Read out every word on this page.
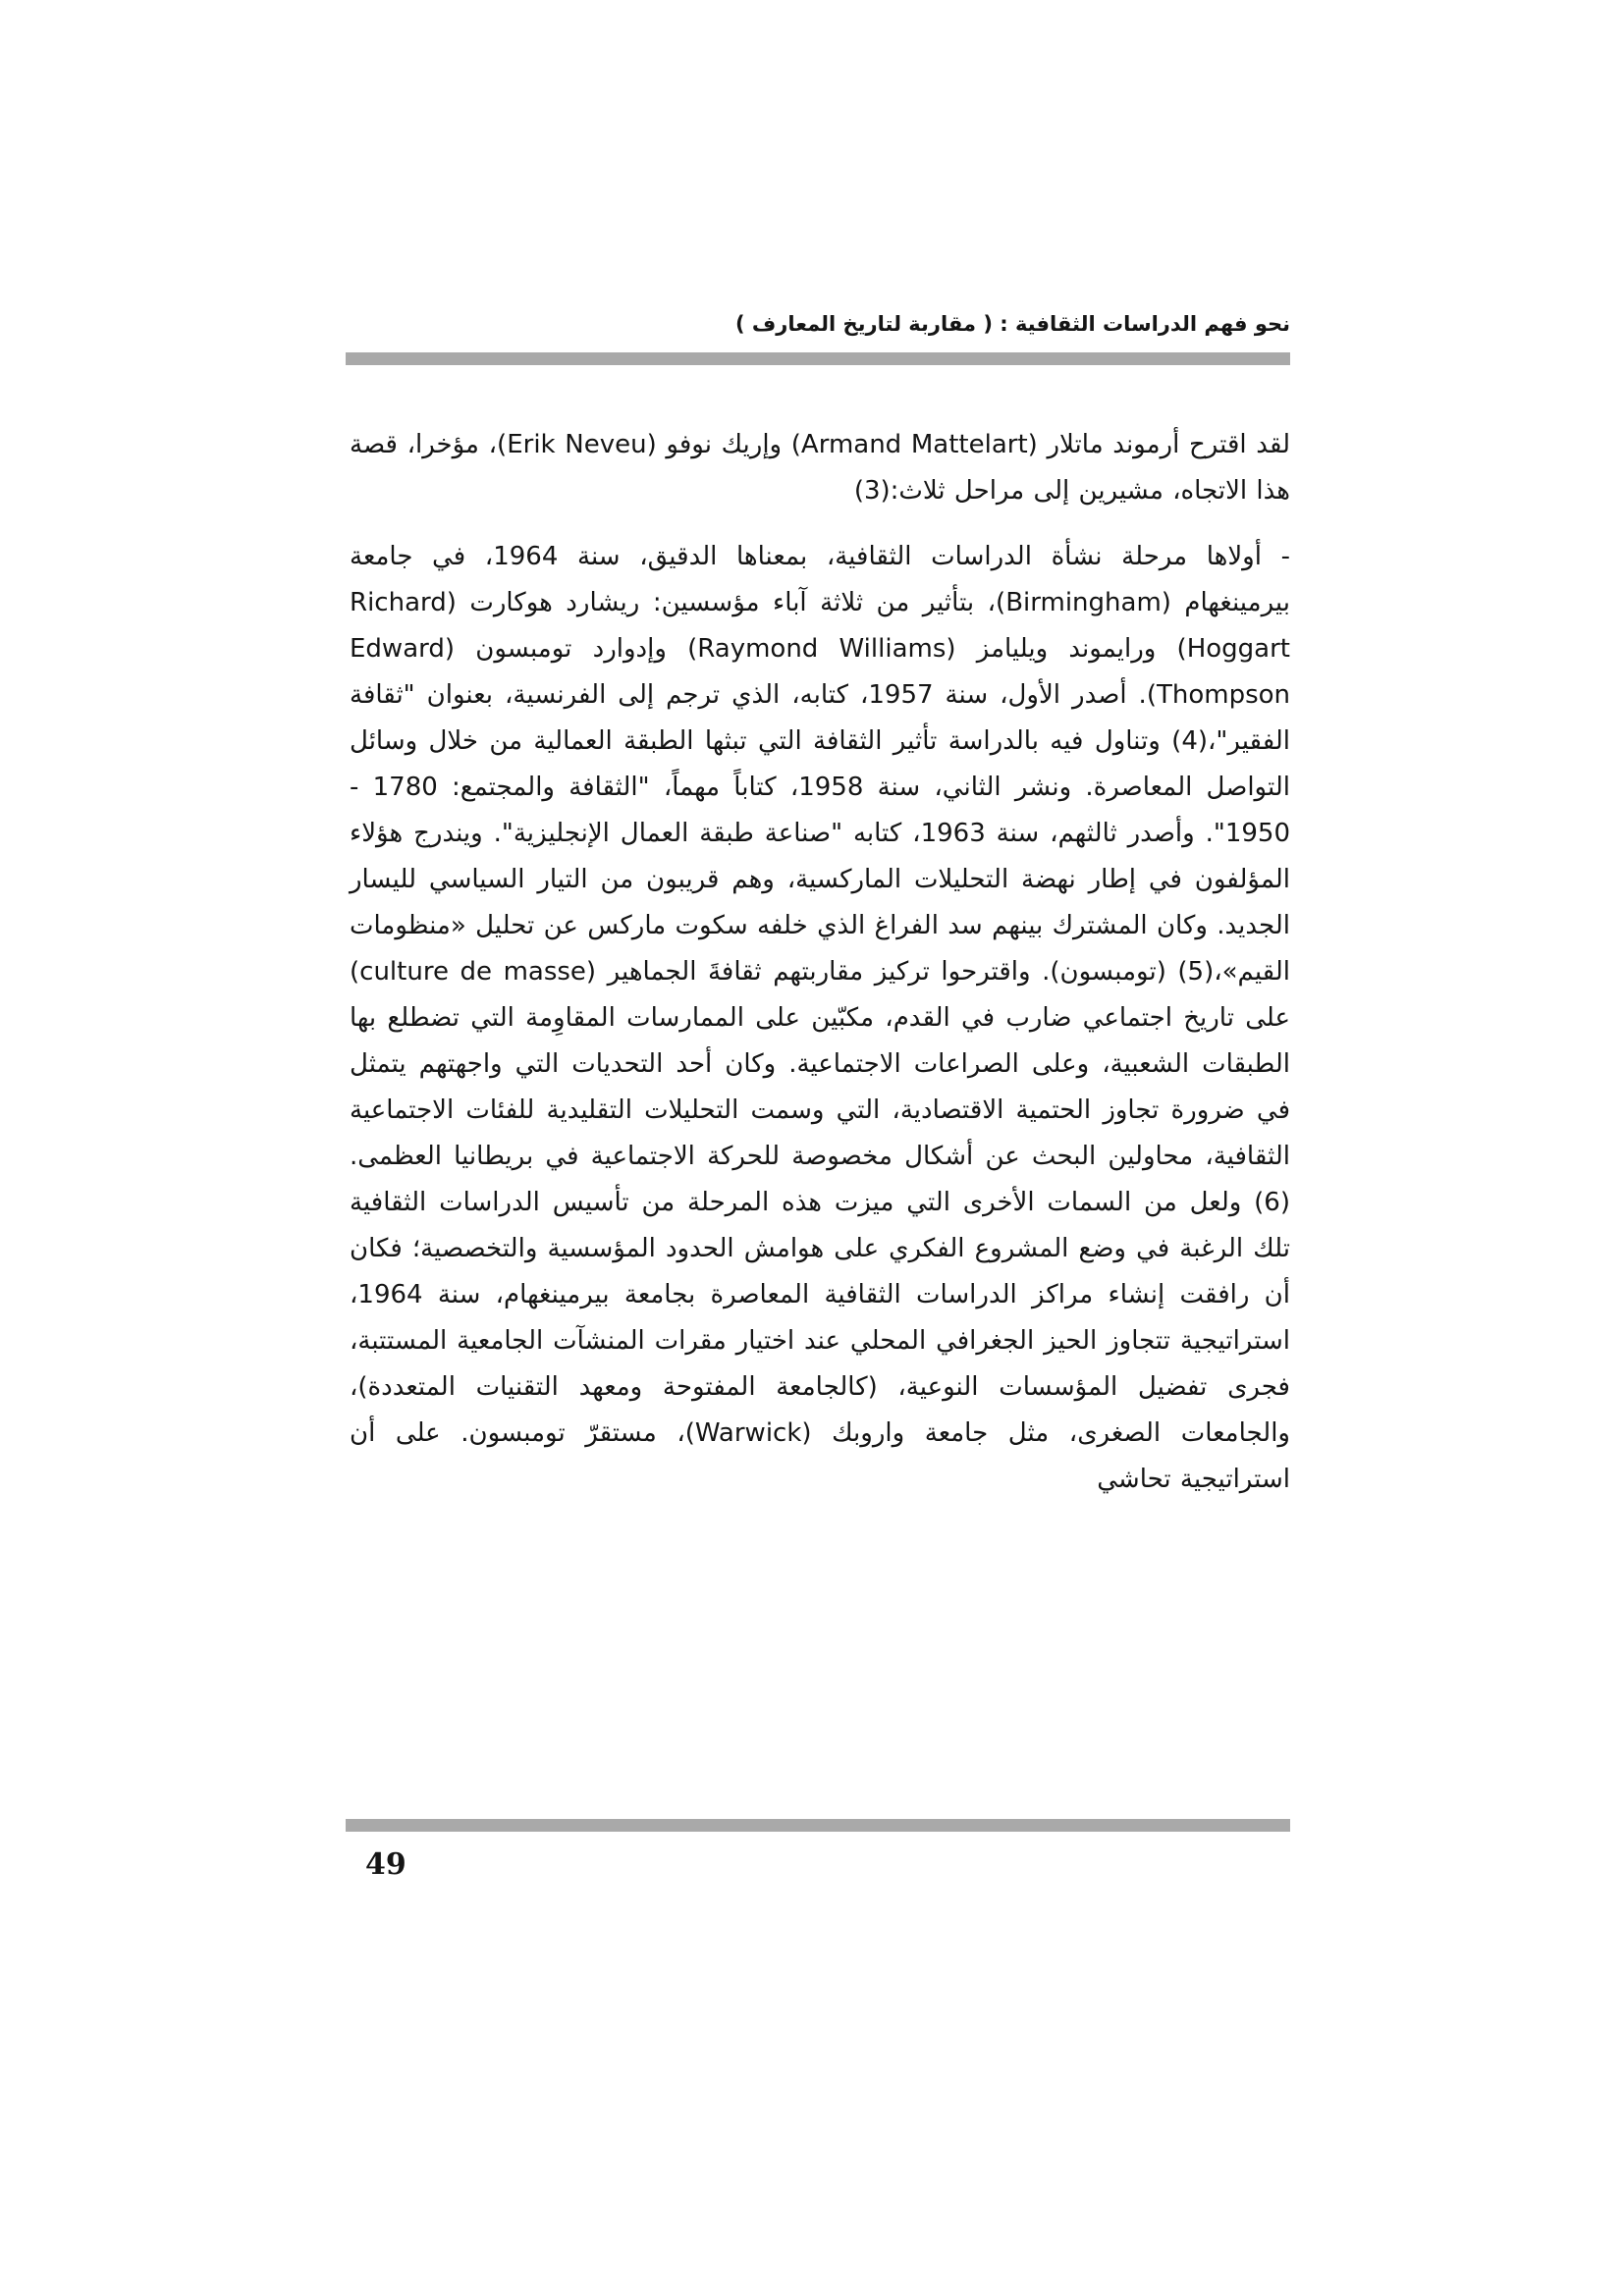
نحو فهم الدراسات الثقافية : ( مقاربة لتاريخ المعارف )

لقد اقترح أرموند ماتلار (Armand Mattelart) وإريك نوفو (Erik Neveu)، مؤخرا، قصة هذا الاتجاه، مشيرين إلى مراحل ثلاث:(3)

- أولاها مرحلة نشأة الدراسات الثقافية، بمعناها الدقيق، سنة 1964، في جامعة بيرمينغهام (Birmingham)، بتأثير من ثلاثة آباء مؤسسين: ريشارد هوكارت (Richard Hoggart) ورايموند ويليامز (Raymond Williams) وإدوارد تومبسون (Edward Thompson). أصدر الأول، سنة 1957، كتابه، الذي ترجم إلى الفرنسية، بعنوان "ثقافة الفقير"،(4) وتناول فيه بالدراسة تأثير الثقافة التي تبثها الطبقة العمالية من خلال وسائل التواصل المعاصرة. ونشر الثاني، سنة 1958، كتاباً مهماً، "الثقافة والمجتمع: 1780 - 1950". وأصدر ثالثهم، سنة 1963، كتابه "صناعة طبقة العمال الإنجليزية". ويندرج هؤلاء المؤلفون في إطار نهضة التحليلات الماركسية، وهم قريبون من التيار السياسي لليسار الجديد. وكان المشترك بينهم سد الفراغ الذي خلفه سكوت ماركس عن تحليل «منظومات القيم»،(5) (تومبسون). واقترحوا تركيز مقاربتهم ثقافةَ الجماهير (culture de masse) على تاريخ اجتماعي ضارب في القدم، مكبّين على الممارسات المقاوِمة التي تضطلع بها الطبقات الشعبية، وعلى الصراعات الاجتماعية. وكان أحد التحديات التي واجهتهم يتمثل في ضرورة تجاوز الحتمية الاقتصادية، التي وسمت التحليلات التقليدية للفئات الاجتماعية الثقافية، محاولين البحث عن أشكال مخصوصة للحركة الاجتماعية في بريطانيا العظمى.(6) ولعل من السمات الأخرى التي ميزت هذه المرحلة من تأسيس الدراسات الثقافية تلك الرغبة في وضع المشروع الفكري على هوامش الحدود المؤسسية والتخصصية؛ فكان أن رافقت إنشاء مراكز الدراسات الثقافية المعاصرة بجامعة بيرمينغهام، سنة 1964، استراتيجية تتجاوز الحيز الجغرافي المحلي عند اختيار مقرات المنشآت الجامعية المستتبة، فجرى تفضيل المؤسسات النوعية، (كالجامعة المفتوحة ومعهد التقنيات المتعددة)، والجامعات الصغرى، مثل جامعة واروبك (Warwick)، مستقرّ تومبسون. على أن استراتيجية تحاشي

49
